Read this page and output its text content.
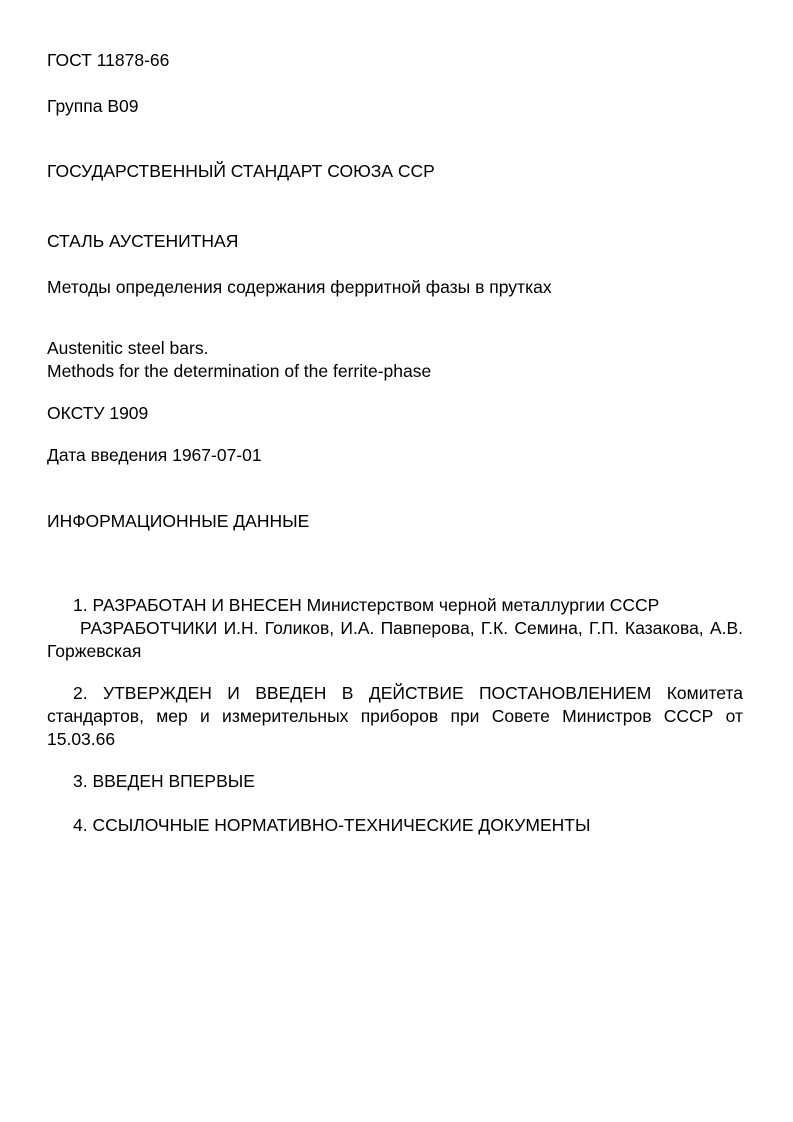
ГОСТ 11878-66

Группа В09

ГОСУДАРСТВЕННЫЙ СТАНДАРТ СОЮЗА ССР

СТАЛЬ АУСТЕНИТНАЯ

Методы определения содержания ферритной фазы в прутках

Austenitic steel bars.

Methods for the determination of the ferrite-phase

ОКСТУ 1909

Дата введения 1967-07-01

ИНФОРМАЦИОННЫЕ ДАННЫЕ

1. РАЗРАБОТАН И ВНЕСЕН Министерством черной металлургии СССР

РАЗРАБОТЧИКИ И.Н. Голиков, И.А. Павперова, Г.К. Семина, Г.П. Казакова, А.В. Горжевская

2. УТВЕРЖДЕН И ВВЕДЕН В ДЕЙСТВИЕ ПОСТАНОВЛЕНИЕМ Комитета стандартов, мер и измерительных приборов при Совете Министров СССР от 15.03.66

3. ВВЕДЕН ВПЕРВЫЕ

4. ССЫЛОЧНЫЕ НОРМАТИВНО-ТЕХНИЧЕСКИЕ ДОКУМЕНТЫ
